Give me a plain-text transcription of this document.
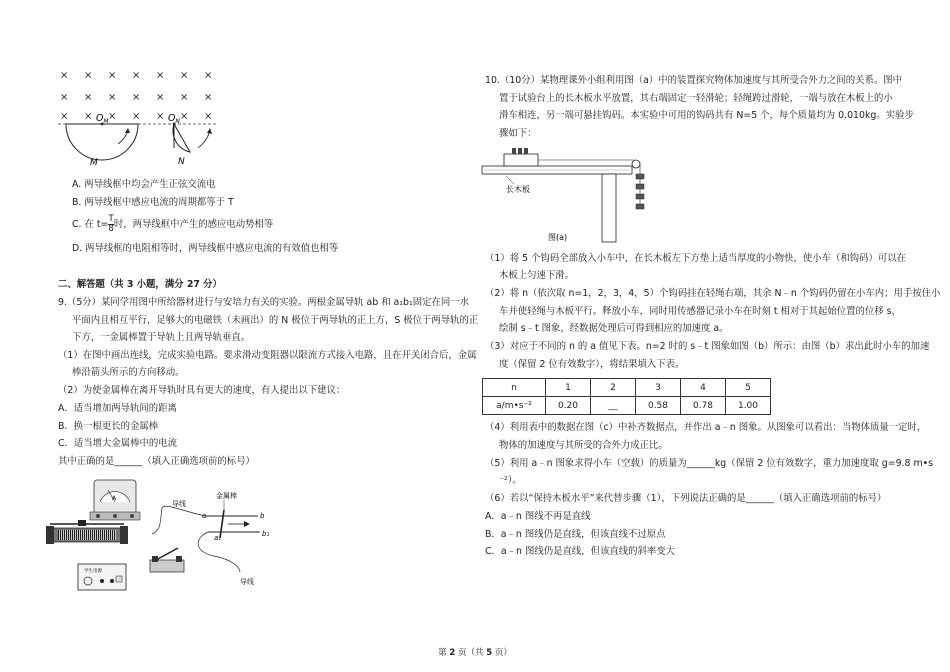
× × × × × × ×
× × × × × × ×
× × × × × × ×
$O_M$	$O_N$
M	N
A. 两导线框中均会产生正弦交流电
B. 两导线框中感应电流的周期都等于 T
C. 在 $t= \frac{T}{8}$ 时，两导线框中产生的感应电动势相等
D. 两导线框的电阻相等时，两导线框中感应电流的有效值也相等
二、解答题（共 3 小题，满分 27 分）
9.（5分）某同学用图中所给器材进行与安培力有关的实验。两根金属导轨 ab 和 a₁b₁固定在同一水
平面内且相互平行，足够大的电磁铁（未画出）的 N 极位于两导轨的正上方，S 极位于两导轨的正
下方，一金属棒置于导轨上且两导轨垂直。
（1）在图中画出连线，完成实验电路。要求滑动变阻器以限流方式接入电路，且在开关闭合后，金属
棒沿箭头所示的方向移动。
（2）为使金属棒在离开导轨时具有更大的速度，有人提出以下建议：
A．适当增加两导轨间的距离
B．换一根更长的金属棒
C．适当增大金属棒中的电流
其中正确的是______（填入正确选项前的标号）
A
学生电源
金属棒
a	b
a₁	b₁
导线
导线
10.（10分）某物理课外小组利用图（a）中的装置探究物体加速度与其所受合外力之间的关系。图中
置于试验台上的长木板水平放置，其右端固定一轻滑轮；轻绳跨过滑轮，一端与放在木板上的小
滑车相连，另一端可悬挂钩码。本实验中可用的钩码共有 N=5 个，每个质量均为 0.010kg。实验步
骤如下：
长木板
图(a)
（1）将 5 个钩码全部放入小车中，在长木板左下方垫上适当厚度的小物快，使小车（和钩码）可以在
木板上匀速下滑。
（2）将 n（依次取 n=1，2，3，4，5）个钩码挂在轻绳右端，其余 N﹣n 个钩码仍留在小车内；用手按住小
车并使轻绳与木板平行。释放小车，同时用传感器记录小车在时刻 t 相对于其起始位置的位移 s，
绘制 s﹣t 图象，经数据处理后可得到相应的加速度 a。
（3）对应于不同的 n 的 a 值见下表。n=2 时的 s﹣t 图象如图（b）所示：由图（b）求出此时小车的加速
度（保留 2 位有效数字），将结果填入下表。
n	1	2	3	4	5
a/m•s⁻²	0.20	__	0.58	0.78	1.00
（4）利用表中的数据在图（c）中补齐数据点，并作出 a﹣n 图象。从图象可以看出：当物体质量一定时，
物体的加速度与其所受的合外力成正比。
（5）利用 a﹣n 图象求得小车（空载）的质量为______kg（保留 2 位有效数字，重力加速度取 g=9.8 m•s
⁻²）。
（6）若以“保持木板水平”来代替步骤（1），下列说法正确的是______（填入正确选项前的标号）
A．a﹣n 图线不再是直线
B．a﹣n 图线仍是直线，但该直线不过原点
C．a﹣n 图线仍是直线，但该直线的斜率变大
第 2 页（共 5 页）
